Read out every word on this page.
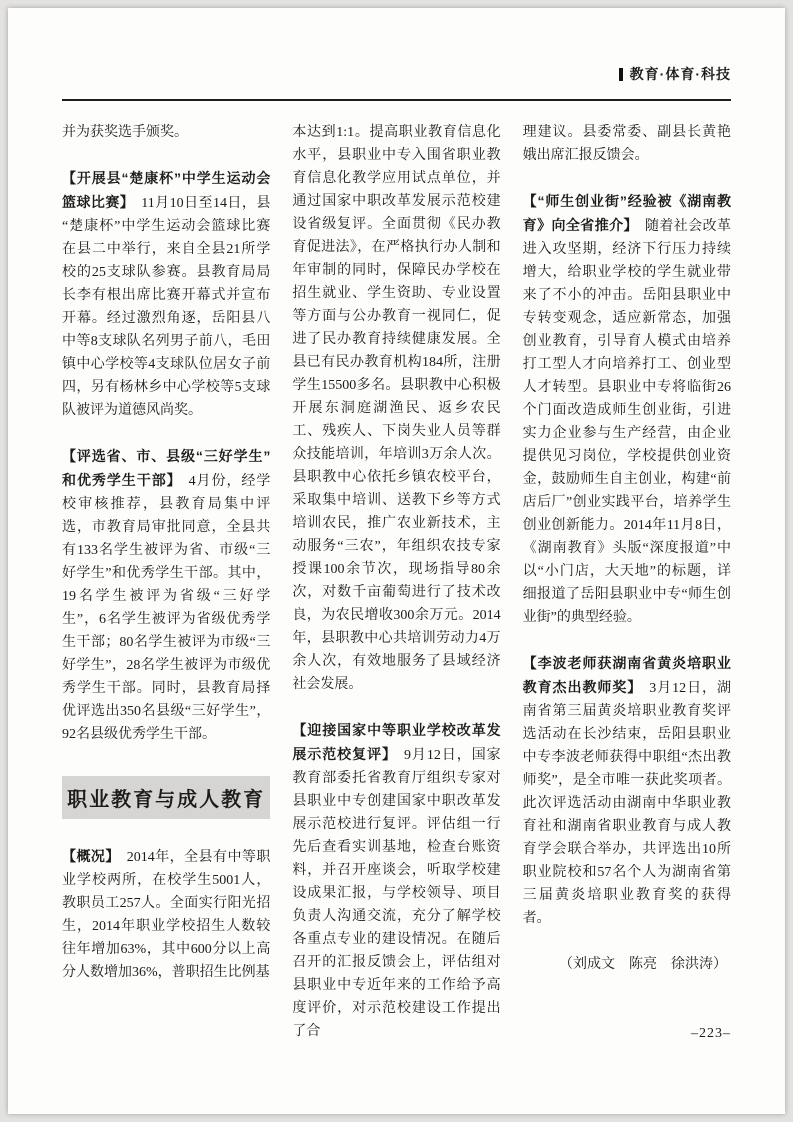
教育·体育·科技

并为获奖选手颁奖。

【开展县“楚康杯”中学生运动会篮球比赛】 11月10日至14日，县“楚康杯”中学生运动会篮球比赛在县二中举行，来自全县21所学校的25支球队参赛。县教育局局长李有根出席比赛开幕式并宣布开幕。经过激烈角逐，岳阳县八中等8支球队名列男子前八，毛田镇中心学校等4支球队位居女子前四，另有杨林乡中心学校等5支球队被评为道德风尚奖。

【评选省、市、县级“三好学生”和优秀学生干部】 4月份，经学校审核推荐，县教育局集中评选，市教育局审批同意，全县共有133名学生被评为省、市级“三好学生”和优秀学生干部。其中，19名学生被评为省级“三好学生”，6名学生被评为省级优秀学生干部；80名学生被评为市级“三好学生”，28名学生被评为市级优秀学生干部。同时，县教育局择优评选出350名县级“三好学生”，92名县级优秀学生干部。

职业教育与成人教育

【概况】 2014年，全县有中等职业学校两所，在校学生5001人，教职员工257人。全面实行阳光招生，2014年职业学校招生人数较往年增加63%，其中600分以上高分人数增加36%，普职招生比例基

本达到1:1。提高职业教育信息化水平，县职业中专入围省职业教育信息化教学应用试点单位，并通过国家中职改革发展示范校建设省级复评。全面贯彻《民办教育促进法》，在严格执行办人制和年审制的同时，保障民办学校在招生就业、学生资助、专业设置等方面与公办教育一视同仁，促进了民办教育持续健康发展。全县已有民办教育机构184所，注册学生15500多名。县职教中心积极开展东洞庭湖渔民、返乡农民工、残疾人、下岗失业人员等群众技能培训，年培训3万余人次。县职教中心依托乡镇农校平台，采取集中培训、送教下乡等方式培训农民，推广农业新技术，主动服务“三农”，年组织农技专家授课100余节次，现场指导80余次，对数千亩葡萄进行了技术改良，为农民增收300余万元。2014年，县职教中心共培训劳动力4万余人次，有效地服务了县域经济社会发展。

【迎接国家中等职业学校改革发展示范校复评】 9月12日，国家教育部委托省教育厅组织专家对县职业中专创建国家中职改革发展示范校进行复评。评估组一行先后查看实训基地，检查台账资料，并召开座谈会，听取学校建设成果汇报，与学校领导、项目负责人沟通交流，充分了解学校各重点专业的建设情况。在随后召开的汇报反馈会上，评估组对县职业中专近年来的工作给予高度评价，对示范校建设工作提出了合

理建议。县委常委、副县长黄艳娥出席汇报反馈会。

【“师生创业街”经验被《湖南教育》向全省推介】 随着社会改革进入攻坚期，经济下行压力持续增大，给职业学校的学生就业带来了不小的冲击。岳阳县职业中专转变观念，适应新常态，加强创业教育，引导育人模式由培养打工型人才向培养打工、创业型人才转型。县职业中专将临街26个门面改造成师生创业街，引进实力企业参与生产经营，由企业提供见习岗位，学校提供创业资金，鼓励师生自主创业，构建“前店后厂”创业实践平台，培养学生创业创新能力。2014年11月8日，《湖南教育》头版“深度报道”中以“小门店，大天地”的标题，详细报道了岳阳县职业中专“师生创业街”的典型经验。

【李波老师获湖南省黄炎培职业教育杰出教师奖】 3月12日，湖南省第三届黄炎培职业教育奖评选活动在长沙结束，岳阳县职业中专李波老师获得中职组“杰出教师奖”，是全市唯一获此奖项者。此次评选活动由湖南中华职业教育社和湖南省职业教育与成人教育学会联合举办，共评选出10所职业院校和57名个人为湖南省第三届黄炎培职业教育奖的获得者。

（刘成文　陈亮　徐洪涛）

–223–
